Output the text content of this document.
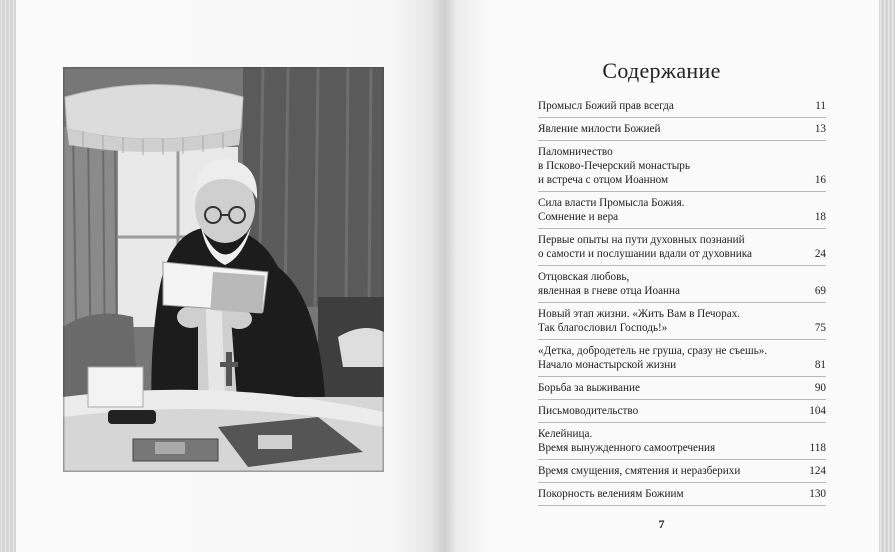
Содержание
Промысл Божий прав всегда	11
Явление милости Божией	13
Паломничество
в Псково-Печерский монастырь
и встреча с отцом Иоанном	16
Сила власти Промысла Божия.
Сомнение и вера	18
Первые опыты на пути духовных познаний
о самости и послушании вдали от духовника	24
Отцовская любовь,
явленная в гневе отца Иоанна	69
Новый этап жизни. «Жить Вам в Печорах.
Так благословил Господь!»	75
«Детка, добродетель не груша, сразу не съешь».
Начало монастырской жизни	81
Борьба за выживание	90
Письмоводительство	104
Келейница.
Время вынужденного самоотречения	118
Время смущения, смятения и неразберихи	124
Покорность велениям Божиим	130
7
